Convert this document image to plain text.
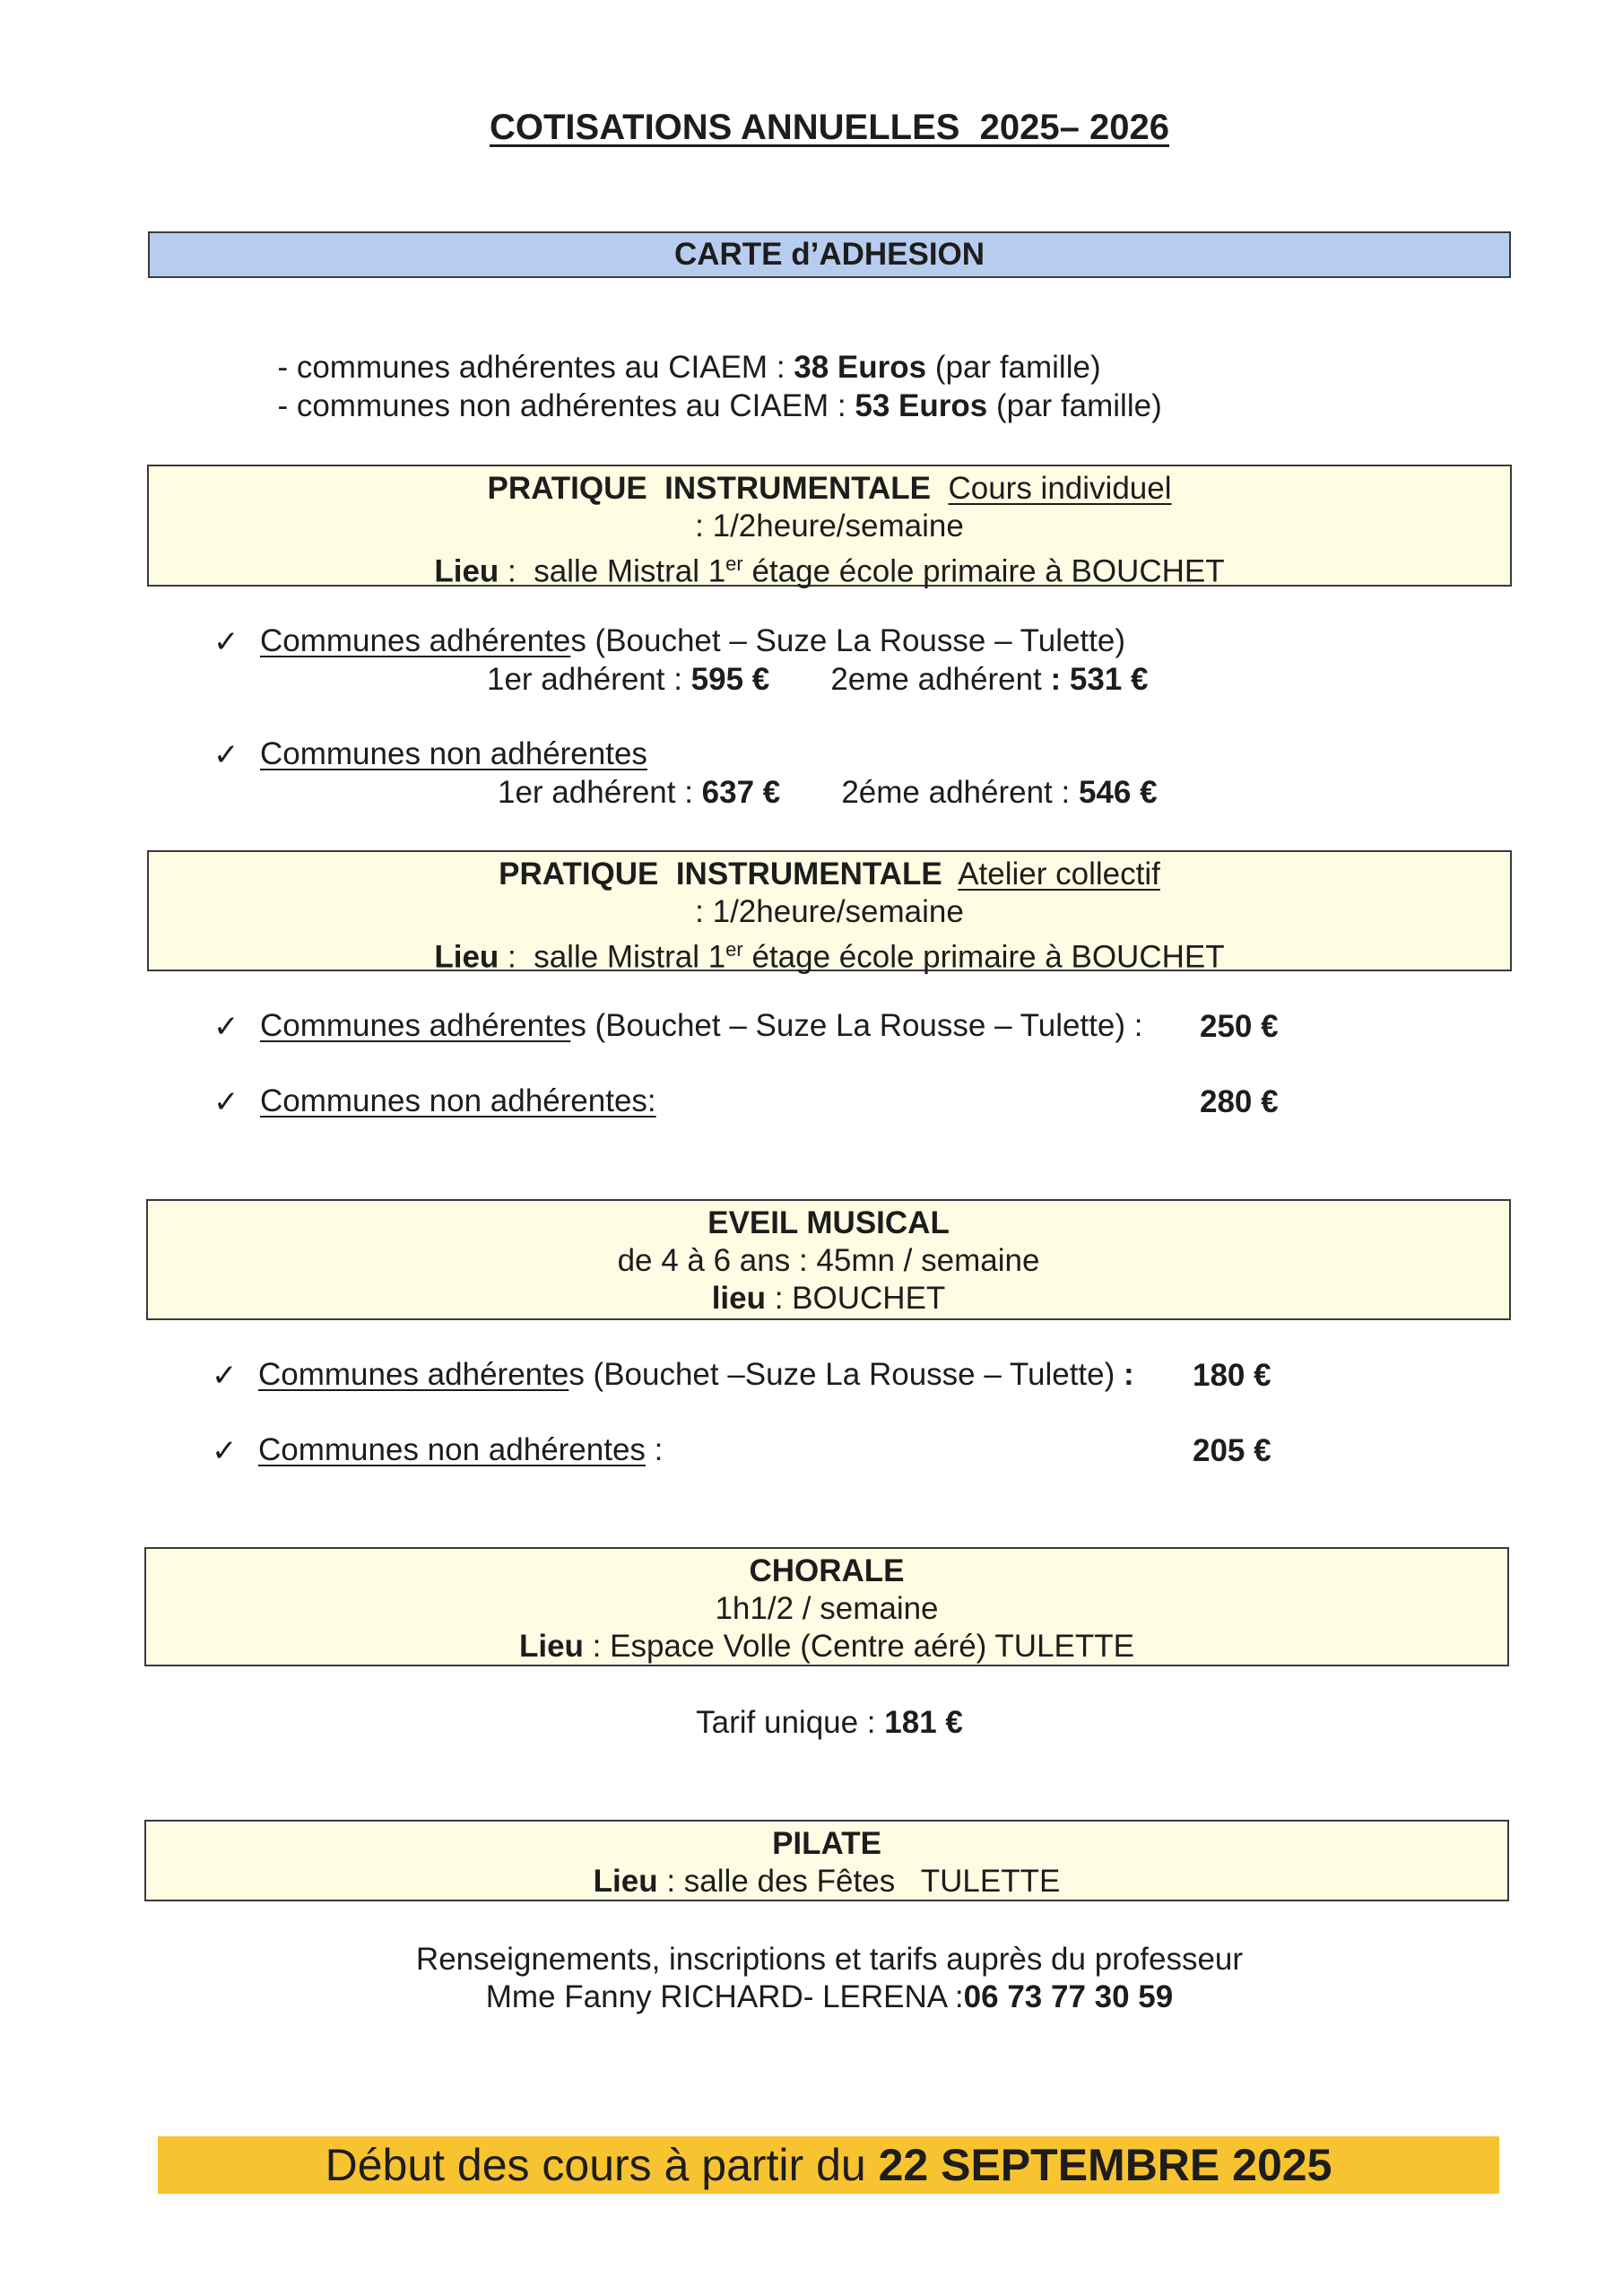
COTISATIONS ANNUELLES  2025– 2026
CARTE d’ADHESION

- communes adhérentes au CIAEM : 38 Euros (par famille)

- communes non adhérentes au CIAEM : 53 Euros (par famille)

PRATIQUE  INSTRUMENTALE Cours individuel
: 1/2heure/semaine
Lieu :  salle Mistral 1er étage école primaire à BOUCHET
✓ Communes adhérentes (Bouchet – Suze La Rousse – Tulette)
1er adhérent : 595 € 2eme adhérent : 531 €
✓ Communes non adhérentes
1er adhérent : 637 € 2éme adhérent : 546 €
PRATIQUE  INSTRUMENTALE Atelier collectif
: 1/2heure/semaine
Lieu :  salle Mistral 1er étage école primaire à BOUCHET
✓ Communes adhérentes (Bouchet – Suze La Rousse – Tulette) : 250 €
✓ Communes non adhérentes:	280 €
EVEIL MUSICAL
de 4 à 6 ans : 45mn / semaine
lieu : BOUCHET
✓ Communes adhérentes (Bouchet –Suze La Rousse – Tulette) : 180 €
✓ Communes non adhérentes :	205 €
CHORALE
1h1/2 / semaine
Lieu : Espace Volle (Centre aéré) TULETTE
Tarif unique : 181 €
PILATE
Lieu : salle des Fêtes   TULETTE
Renseignements, inscriptions et tarifs auprès du professeur
Mme Fanny RICHARD- LERENA :06 73 77 30 59
Début des cours à partir du 22 SEPTEMBRE 2025
